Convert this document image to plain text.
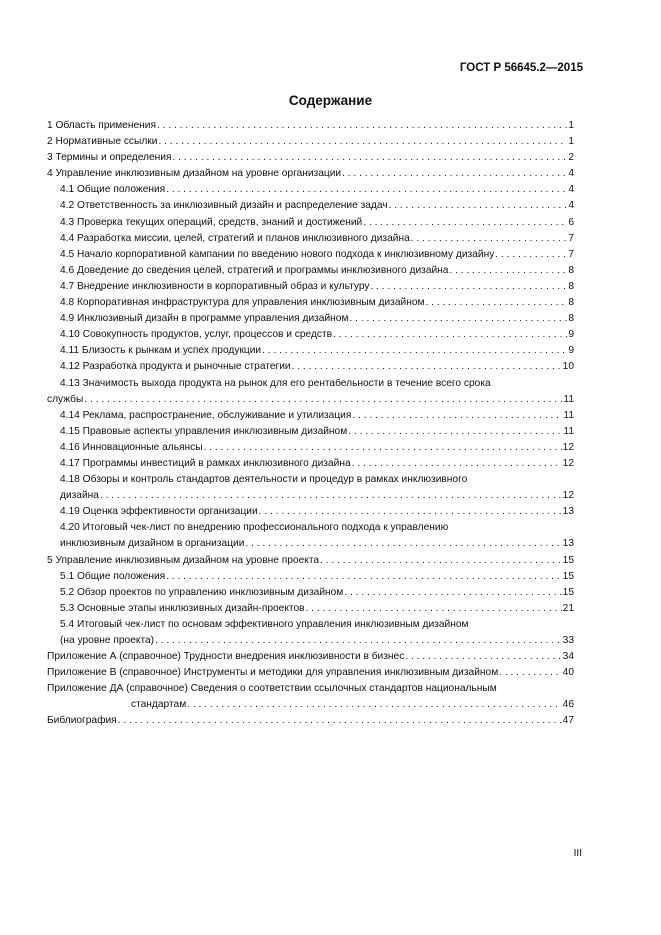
ГОСТ Р 56645.2—2015
Содержание
1 Область применения . . .	1
2 Нормативные ссылки . . .	1
3 Термины и определения . . .	2
4 Управление инклюзивным дизайном на уровне организации . . .	4
4.1 Общие положения . . .	4
4.2 Ответственность за инклюзивный дизайн и распределение задач . . .	4
4.3 Проверка текущих операций, средств, знаний и достижений . . .	6
4.4 Разработка миссии, целей, стратегий и планов инклюзивного дизайна . . .	7
4.5 Начало корпоративной кампании по введению нового подхода к инклюзивному дизайну . . .	7
4.6 Доведение до сведения целей, стратегий и программы инклюзивного дизайна . . .	8
4.7 Внедрение инклюзивности в корпоративный образ и культуру . . .	8
4.8 Корпоративная инфраструктура для управления инклюзивным дизайном . . .	8
4.9 Инклюзивный дизайн в программе управления дизайном . . .	8
4.10 Совокупность продуктов, услуг, процессов и средств . . .	9
4.11 Близость к рынкам и успех продукции . . .	9
4.12 Разработка продукта и рыночные стратегии . . .	10
4.13 Значимость выхода продукта на рынок для его рентабельности в течение всего срока
службы . . .	11
4.14 Реклама, распространение, обслуживание и утилизация . . .	11
4.15 Правовые аспекты управления инклюзивным дизайном . . .	11
4.16 Инновационные альянсы . . .	12
4.17 Программы инвестиций в рамках инклюзивного дизайна . . .	12
4.18 Обзоры и контроль стандартов деятельности и процедур в рамках инклюзивного
дизайна . . .	12
4.19 Оценка эффективности организации . . .	13
4.20 Итоговый чек-лист по внедрению профессионального подхода к управлению
инклюзивным дизайном в организации . . .	13
5 Управление инклюзивным дизайном на уровне проекта . . .	15
5.1 Общие положения . . .	15
5.2 Обзор проектов по управлению инклюзивным дизайном . . .	15
5.3 Основные этапы инклюзивных дизайн-проектов . . .	21
5.4 Итоговый чек-лист по основам эффективного управления инклюзивным дизайном
(на уровне проекта) . . .	33
Приложение А (справочное) Трудности внедрения инклюзивности в бизнес . . .	34
Приложение В (справочное) Инструменты и методики для управления инклюзивным дизайном . . .	40
Приложение ДА (справочное) Сведения о соответствии ссылочных стандартов национальным
стандартам . . .	46
Библиография . . .	47
III
